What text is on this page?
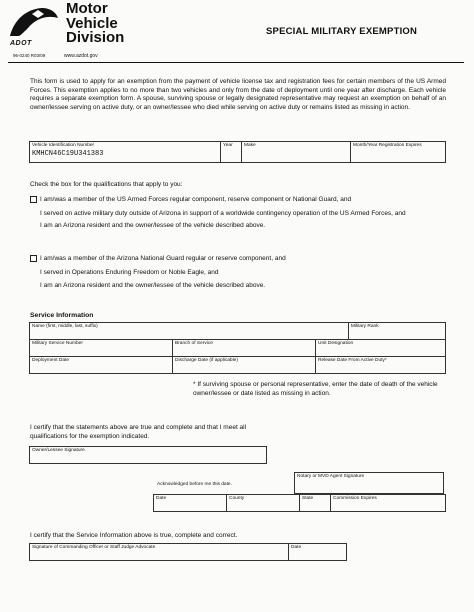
ADOT
Motor
Vehicle
Division
96-0240 R03/09	www.azdot.gov
SPECIAL MILITARY EXEMPTION
This form is used to apply for an exemption from the payment of vehicle license tax and registration fees for certain members of the US Armed Forces. This exemption applies to no more than two vehicles and only from the date of deployment until one year after discharge. Each vehicle requires a separate exemption form. A spouse, surviving spouse or legally designated representative may request an exemption on behalf of an owner/lessee serving on active duty, or an owner/lessee who died while serving on active duty or remains listed as missing in action.
Vehicle Identification Number
KMHCN46C19U341383
	Year	Make	Month/Year Registration Expires
Check the box for the qualifications that apply to you:
I am/was a member of the US Armed Forces regular component, reserve component or National Guard, and
I served on active military duty outside of Arizona in support of a worldwide contingency operation of the US Armed Forces, and
I am an Arizona resident and the owner/lessee of the vehicle described above.
I am/was a member of the Arizona National Guard regular or reserve component, and
I served in Operations Enduring Freedom or Noble Eagle, and
I am an Arizona resident and the owner/lessee of the vehicle described above.
Service Information
Name (first, middle, last, suffix)			Military Rank
Military Service Number	Branch of Service	Unit Designation	
Deployment Date	Discharge Date (if applicable)	Release Date From Active Duty*	
* If surviving spouse or personal representative, enter the date of death of the vehicle owner/lessee or date listed as missing in action.
I certify that the statements above are true and complete and that I meet all qualifications for the exemption indicated.
Owner/Lessee Signature
Notary or MVD Agent Signature
Acknowledged before me this date.
Date	County	State	Commission Expires
I certify that the Service Information above is true, complete and correct.
Signature of Commanding Officer or Staff Judge Advocate	Date
